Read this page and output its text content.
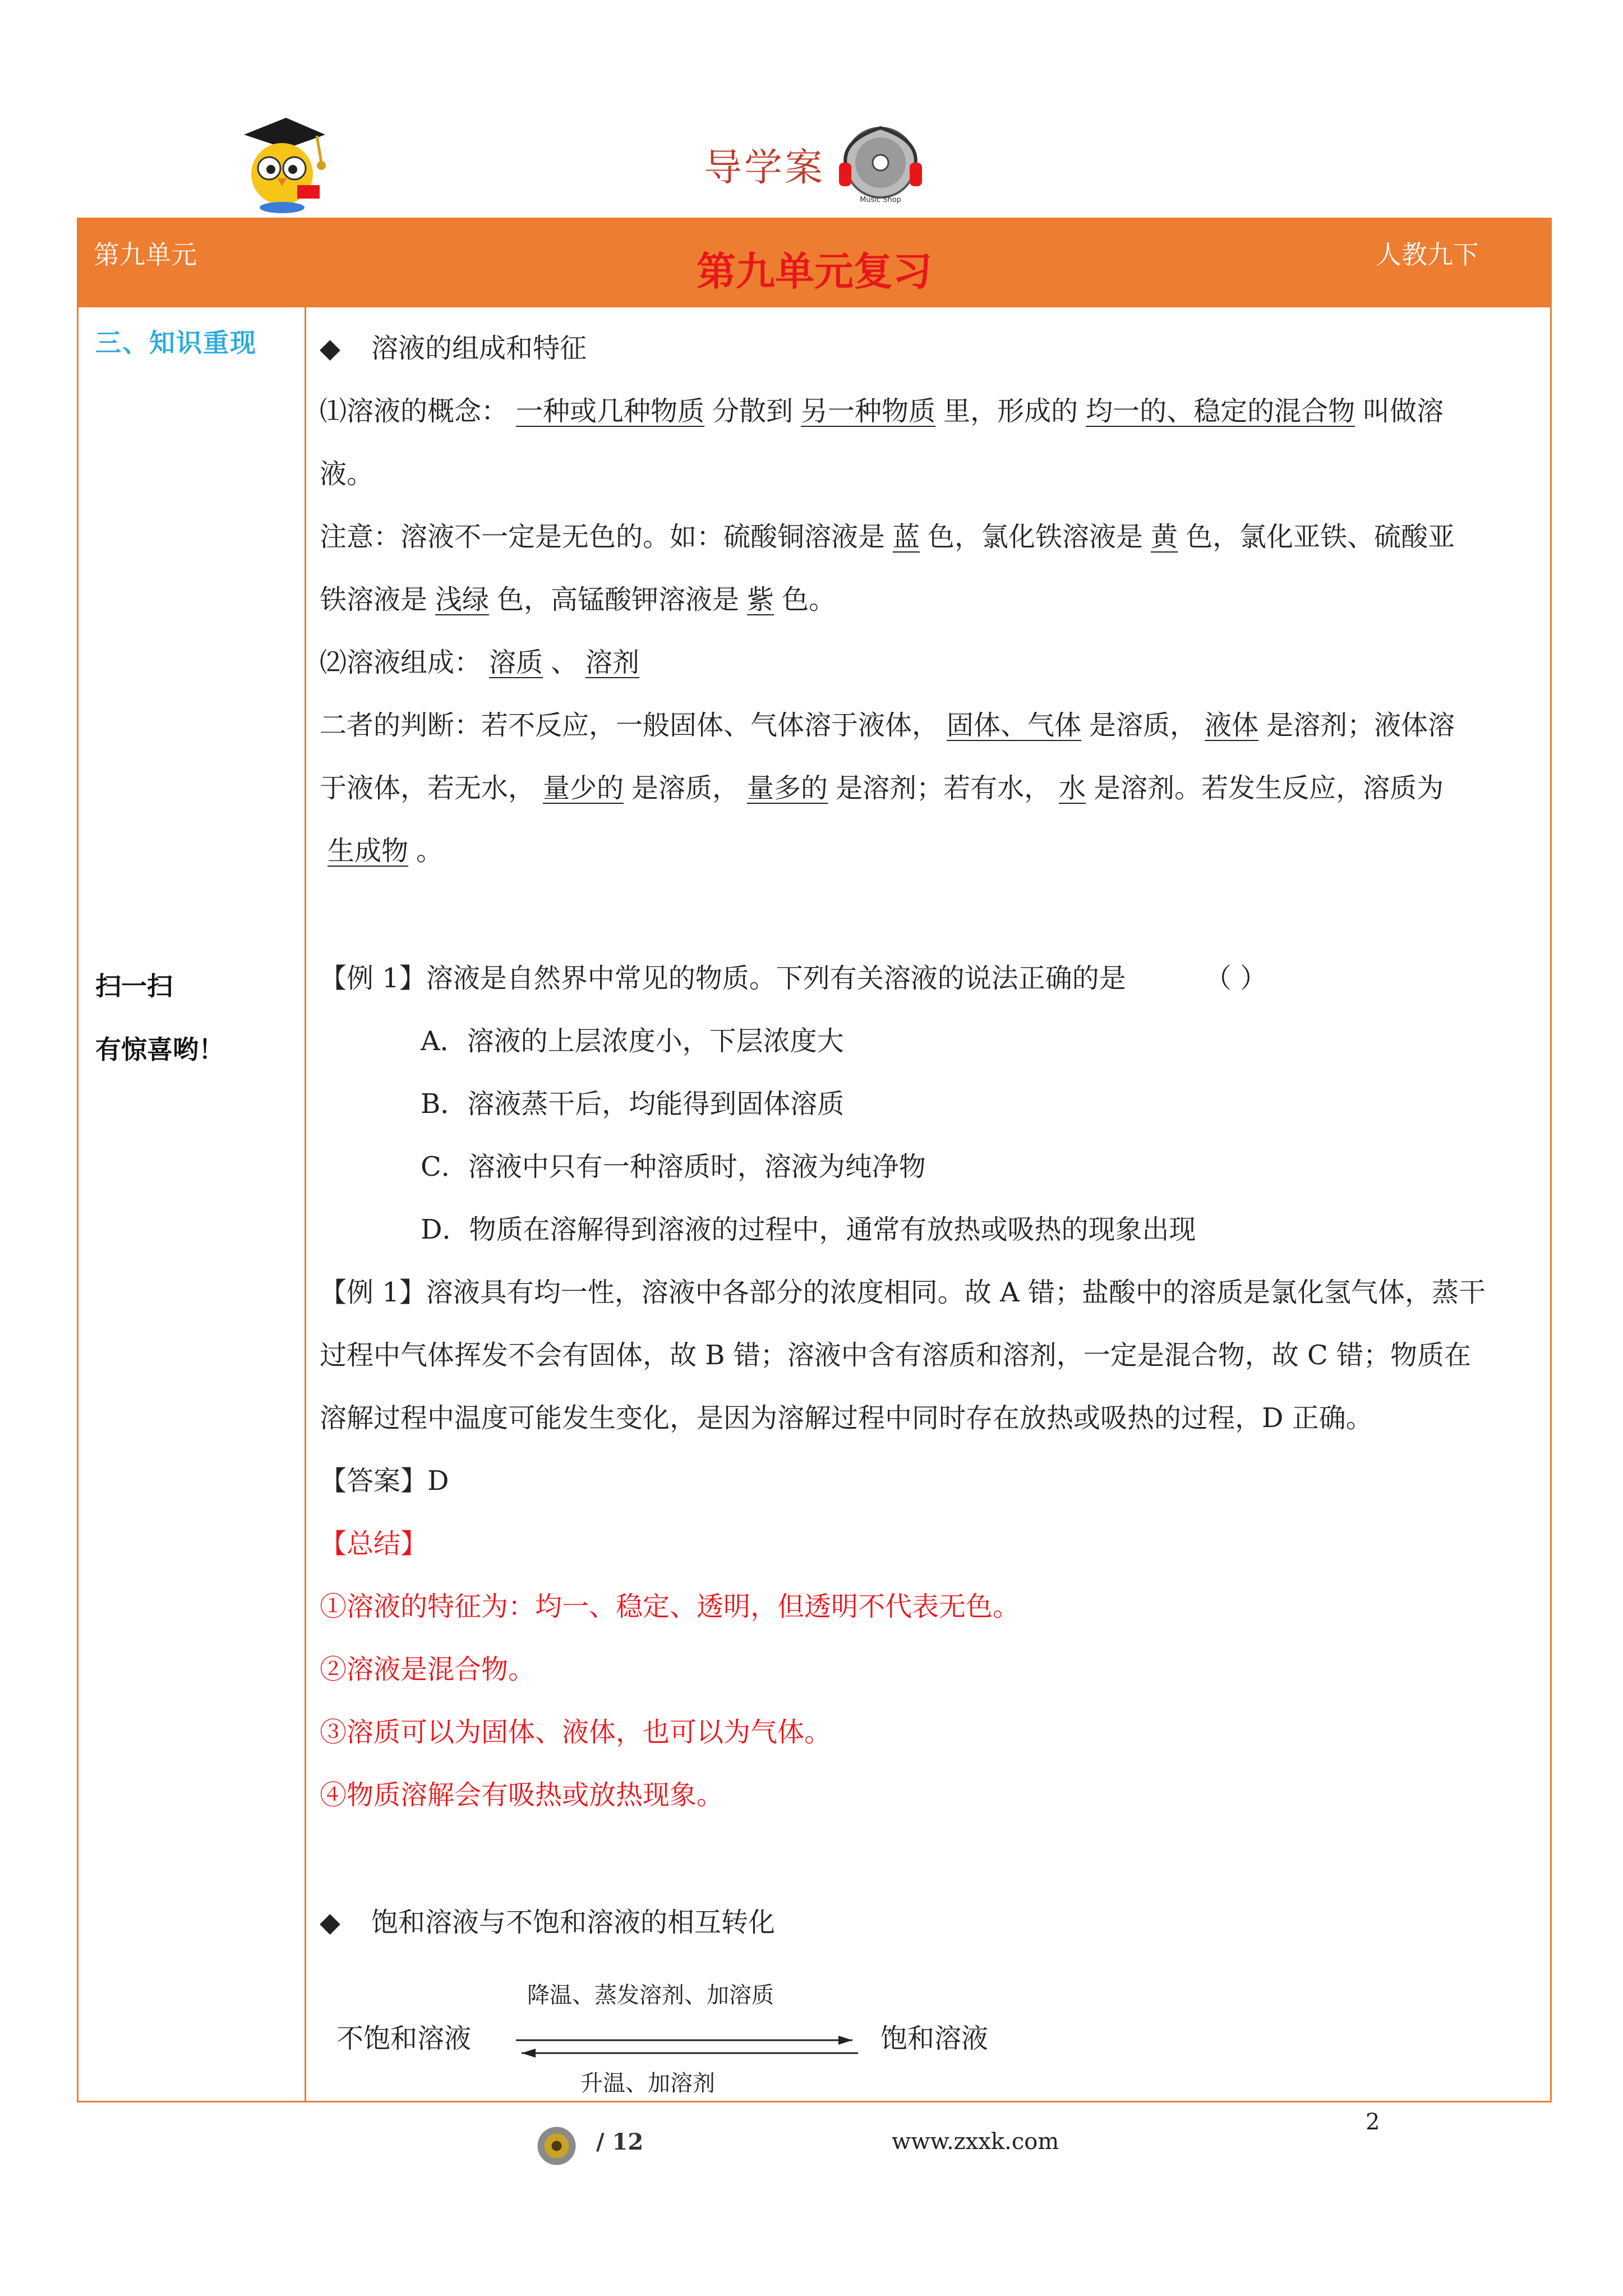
导学案
Music Shop
第九单元	第九单元复习	人教九下
三、知识重现
扫一扫
有惊喜哟！

◆ 溶液的组成和特征

⑴溶液的概念： 一种或几种物质 分散到 另一种物质 里，形成的 均一的、稳定的混合物 叫做溶

液。

注意：溶液不一定是无色的。如：硫酸铜溶液是 蓝 色，氯化铁溶液是 黄 色，氯化亚铁、硫酸亚

铁溶液是 浅绿 色，高锰酸钾溶液是 紫 色。

⑵溶液组成： 溶质 、 溶剂

二者的判断：若不反应，一般固体、气体溶于液体， 固体、气体 是溶质， 液体 是溶剂；液体溶

于液体，若无水， 量少的 是溶质， 量多的 是溶剂；若有水， 水 是溶剂。若发生反应，溶质为

生成物 。

【例 1】溶液是自然界中常见的物质。下列有关溶液的说法正确的是	（ ）

A．溶液的上层浓度小，下层浓度大

B．溶液蒸干后，均能得到固体溶质

C．溶液中只有一种溶质时，溶液为纯净物

D．物质在溶解得到溶液的过程中，通常有放热或吸热的现象出现

【例 1】溶液具有均一性，溶液中各部分的浓度相同。故 A 错；盐酸中的溶质是氯化氢气体，蒸干

过程中气体挥发不会有固体，故 B 错；溶液中含有溶质和溶剂，一定是混合物，故 C 错；物质在

溶解过程中温度可能发生变化，是因为溶解过程中同时存在放热或吸热的过程，D 正确。

【答案】D

【总结】

①溶液的特征为：均一、稳定、透明，但透明不代表无色。

②溶液是混合物。

③溶质可以为固体、液体，也可以为气体。

④物质溶解会有吸热或放热现象。

◆ 饱和溶液与不饱和溶液的相互转化

降温、蒸发溶剂、加溶质
不饱和溶液	饱和溶液
升温、加溶剂
/ 12	www.zxxk.com
2
